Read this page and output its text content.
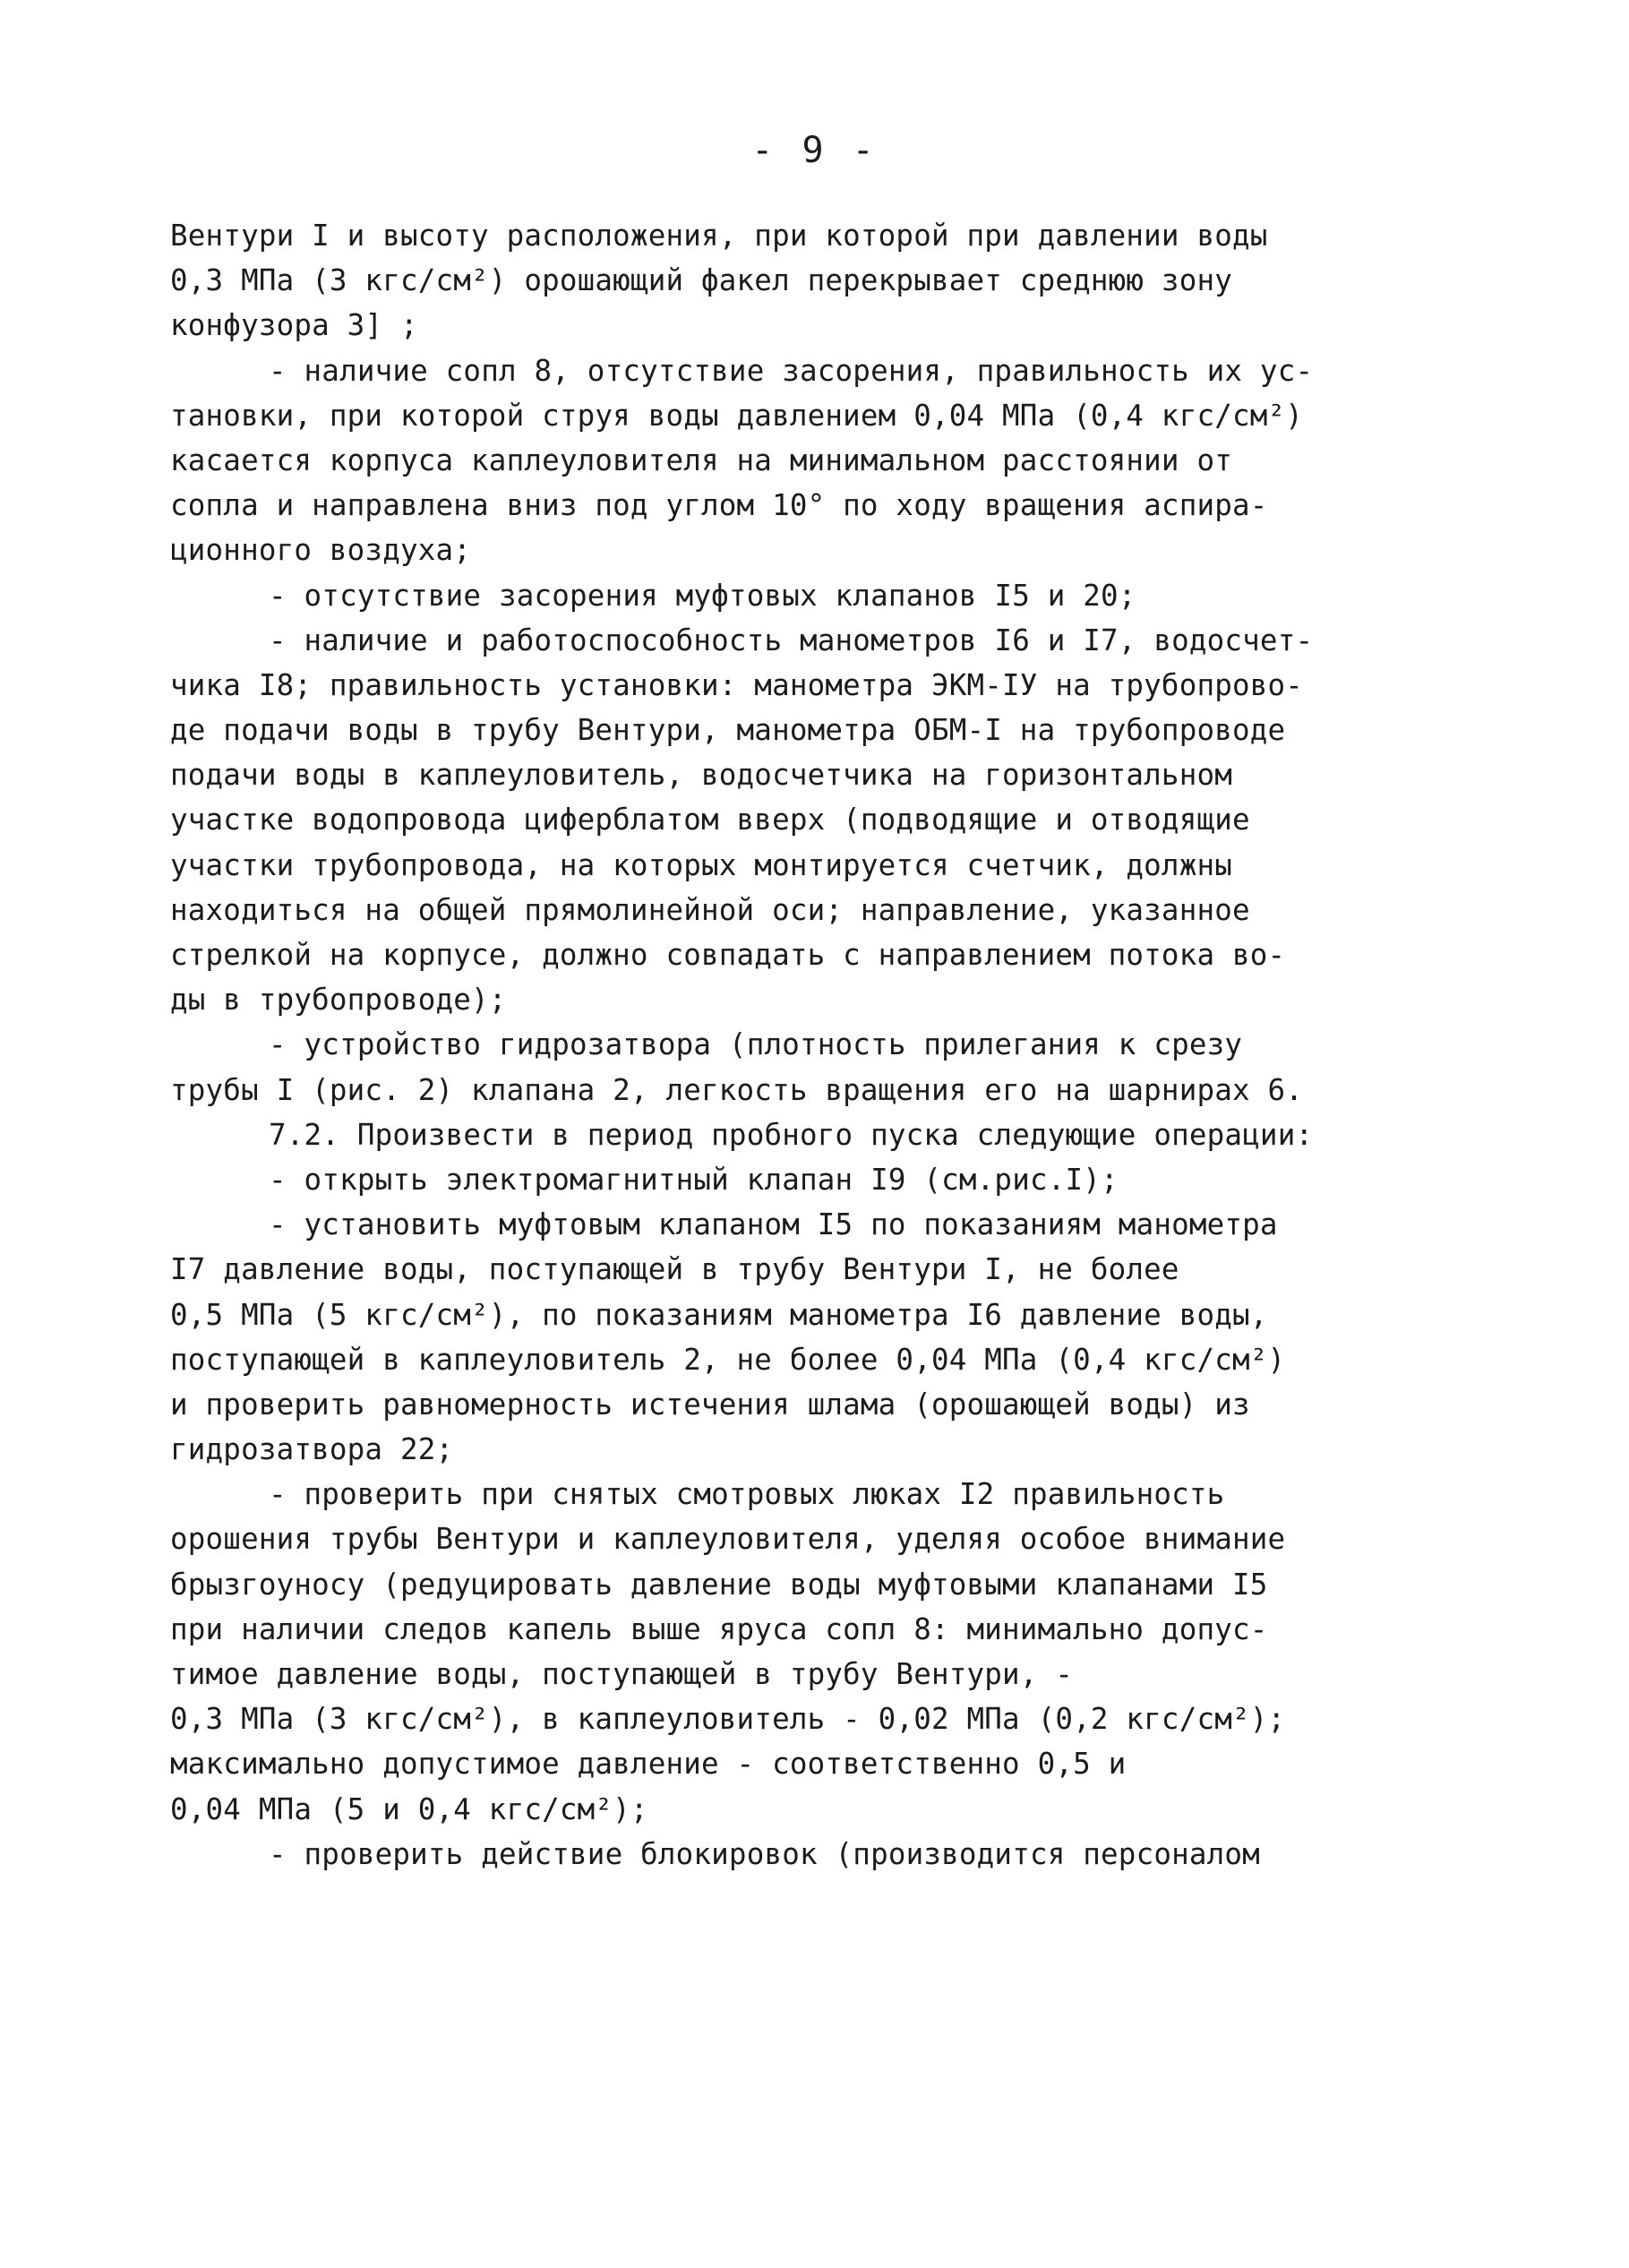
- 9 -
Вентури I и высоту расположения, при которой при давлении воды
0,3 МПа (3 кгс/см²) орошающий факел перекрывает среднюю зону
конфузора 3] ;
- наличие сопл 8, отсутствие засорения, правильность их ус-
тановки, при которой струя воды давлением 0,04 МПа (0,4 кгс/см²)
касается корпуса каплеуловителя на минимальном расстоянии от
сопла и направлена вниз под углом 10° по ходу вращения аспира-
ционного воздуха;
- отсутствие засорения муфтовых клапанов I5 и 20;
- наличие и работоспособность манометров I6 и I7, водосчет-
чика I8; правильность установки: манометра ЭКМ-IУ на трубопрово-
де подачи воды в трубу Вентури, манометра ОБМ-I на трубопроводе
подачи воды в каплеуловитель, водосчетчика на горизонтальном
участке водопровода циферблатом вверх (подводящие и отводящие
участки трубопровода, на которых монтируется счетчик, должны
находиться на общей прямолинейной оси; направление, указанное
стрелкой на корпусе, должно совпадать с направлением потока во-
ды в трубопроводе);
- устройство гидрозатвора (плотность прилегания к срезу
трубы I (рис. 2) клапана 2, легкость вращения его на шарнирах 6.
7.2. Произвести в период пробного пуска следующие операции:
- открыть электромагнитный клапан I9 (см.рис.I);
- установить муфтовым клапаном I5 по показаниям манометра
I7 давление воды, поступающей в трубу Вентури I, не более
0,5 МПа (5 кгс/см²), по показаниям манометра I6 давление воды,
поступающей в каплеуловитель 2, не более 0,04 МПа (0,4 кгс/см²)
и проверить равномерность истечения шлама (орошающей воды) из
гидрозатвора 22;
- проверить при снятых смотровых люках I2 правильность
орошения трубы Вентури и каплеуловителя, уделяя особое внимание
брызгоуносу (редуцировать давление воды муфтовыми клапанами I5
при наличии следов капель выше яруса сопл 8: минимально допус-
тимое давление воды, поступающей в трубу Вентури, -
0,3 МПа (3 кгс/см²), в каплеуловитель - 0,02 МПа (0,2 кгс/см²);
максимально допустимое давление - соответственно 0,5 и
0,04 МПа (5 и 0,4 кгс/см²);
- проверить действие блокировок (производится персоналом
